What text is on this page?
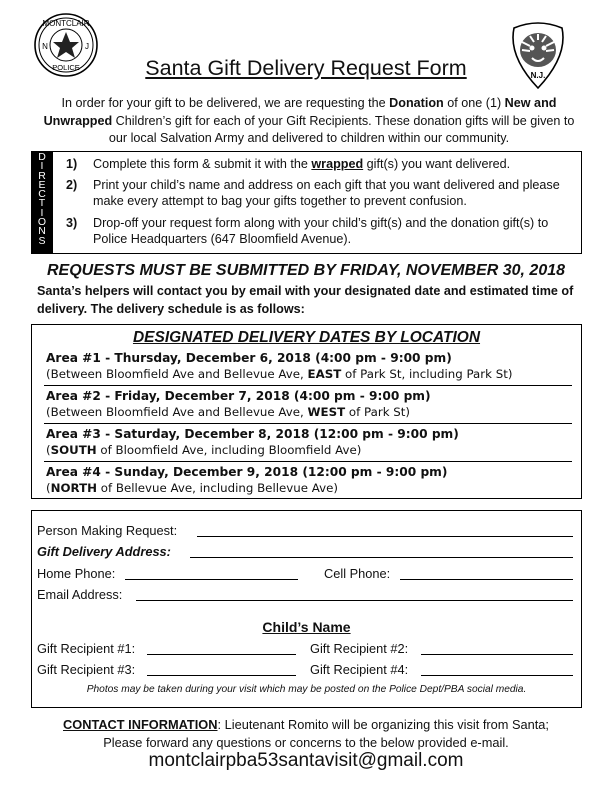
MONTCLAIR
N	J
POLICE
N.J.
Santa Gift Delivery Request Form
In order for your gift to be delivered, we are requesting the Donation of one (1) New and Unwrapped Children’s gift for each of your Gift Recipients. These donation gifts will be given to our local Salvation Army and delivered to children within our community.
D
I
R
E
C
T
I
O
N
S
1) Complete this form & submit it with the wrapped gift(s) you want delivered.
2) Print your child’s name and address on each gift that you want delivered and please make every attempt to bag your gifts together to prevent confusion.
3) Drop-off your request form along with your child’s gift(s) and the donation gift(s) to Police Headquarters (647 Bloomfield Avenue).
REQUESTS MUST BE SUBMITTED BY FRIDAY, NOVEMBER 30, 2018
Santa’s helpers will contact you by email with your designated date and estimated time of delivery. The delivery schedule is as follows:
DESIGNATED DELIVERY DATES BY LOCATION
Area #1 - Thursday, December 6, 2018 (4:00 pm - 9:00 pm)
(Between Bloomfield Ave and Bellevue Ave, EAST of Park St, including Park St)
Area #2 - Friday, December 7, 2018 (4:00 pm - 9:00 pm)
(Between Bloomfield Ave and Bellevue Ave, WEST of Park St)
Area #3 - Saturday, December 8, 2018 (12:00 pm - 9:00 pm)
(SOUTH of Bloomfield Ave, including Bloomfield Ave)
Area #4 - Sunday, December 9, 2018 (12:00 pm - 9:00 pm)
(NORTH of Bellevue Ave, including Bellevue Ave)
Person Making Request:
Gift Delivery Address:
Home Phone:	Cell Phone:
Email Address:
Child’s Name
Gift Recipient #1:	Gift Recipient #2:
Gift Recipient #3:	Gift Recipient #4:
Photos may be taken during your visit which may be posted on the Police Dept/PBA social media.
CONTACT INFORMATION: Lieutenant Romito will be organizing this visit from Santa;
Please forward any questions or concerns to the below provided e-mail.
montclairpba53santavisit@gmail.com
